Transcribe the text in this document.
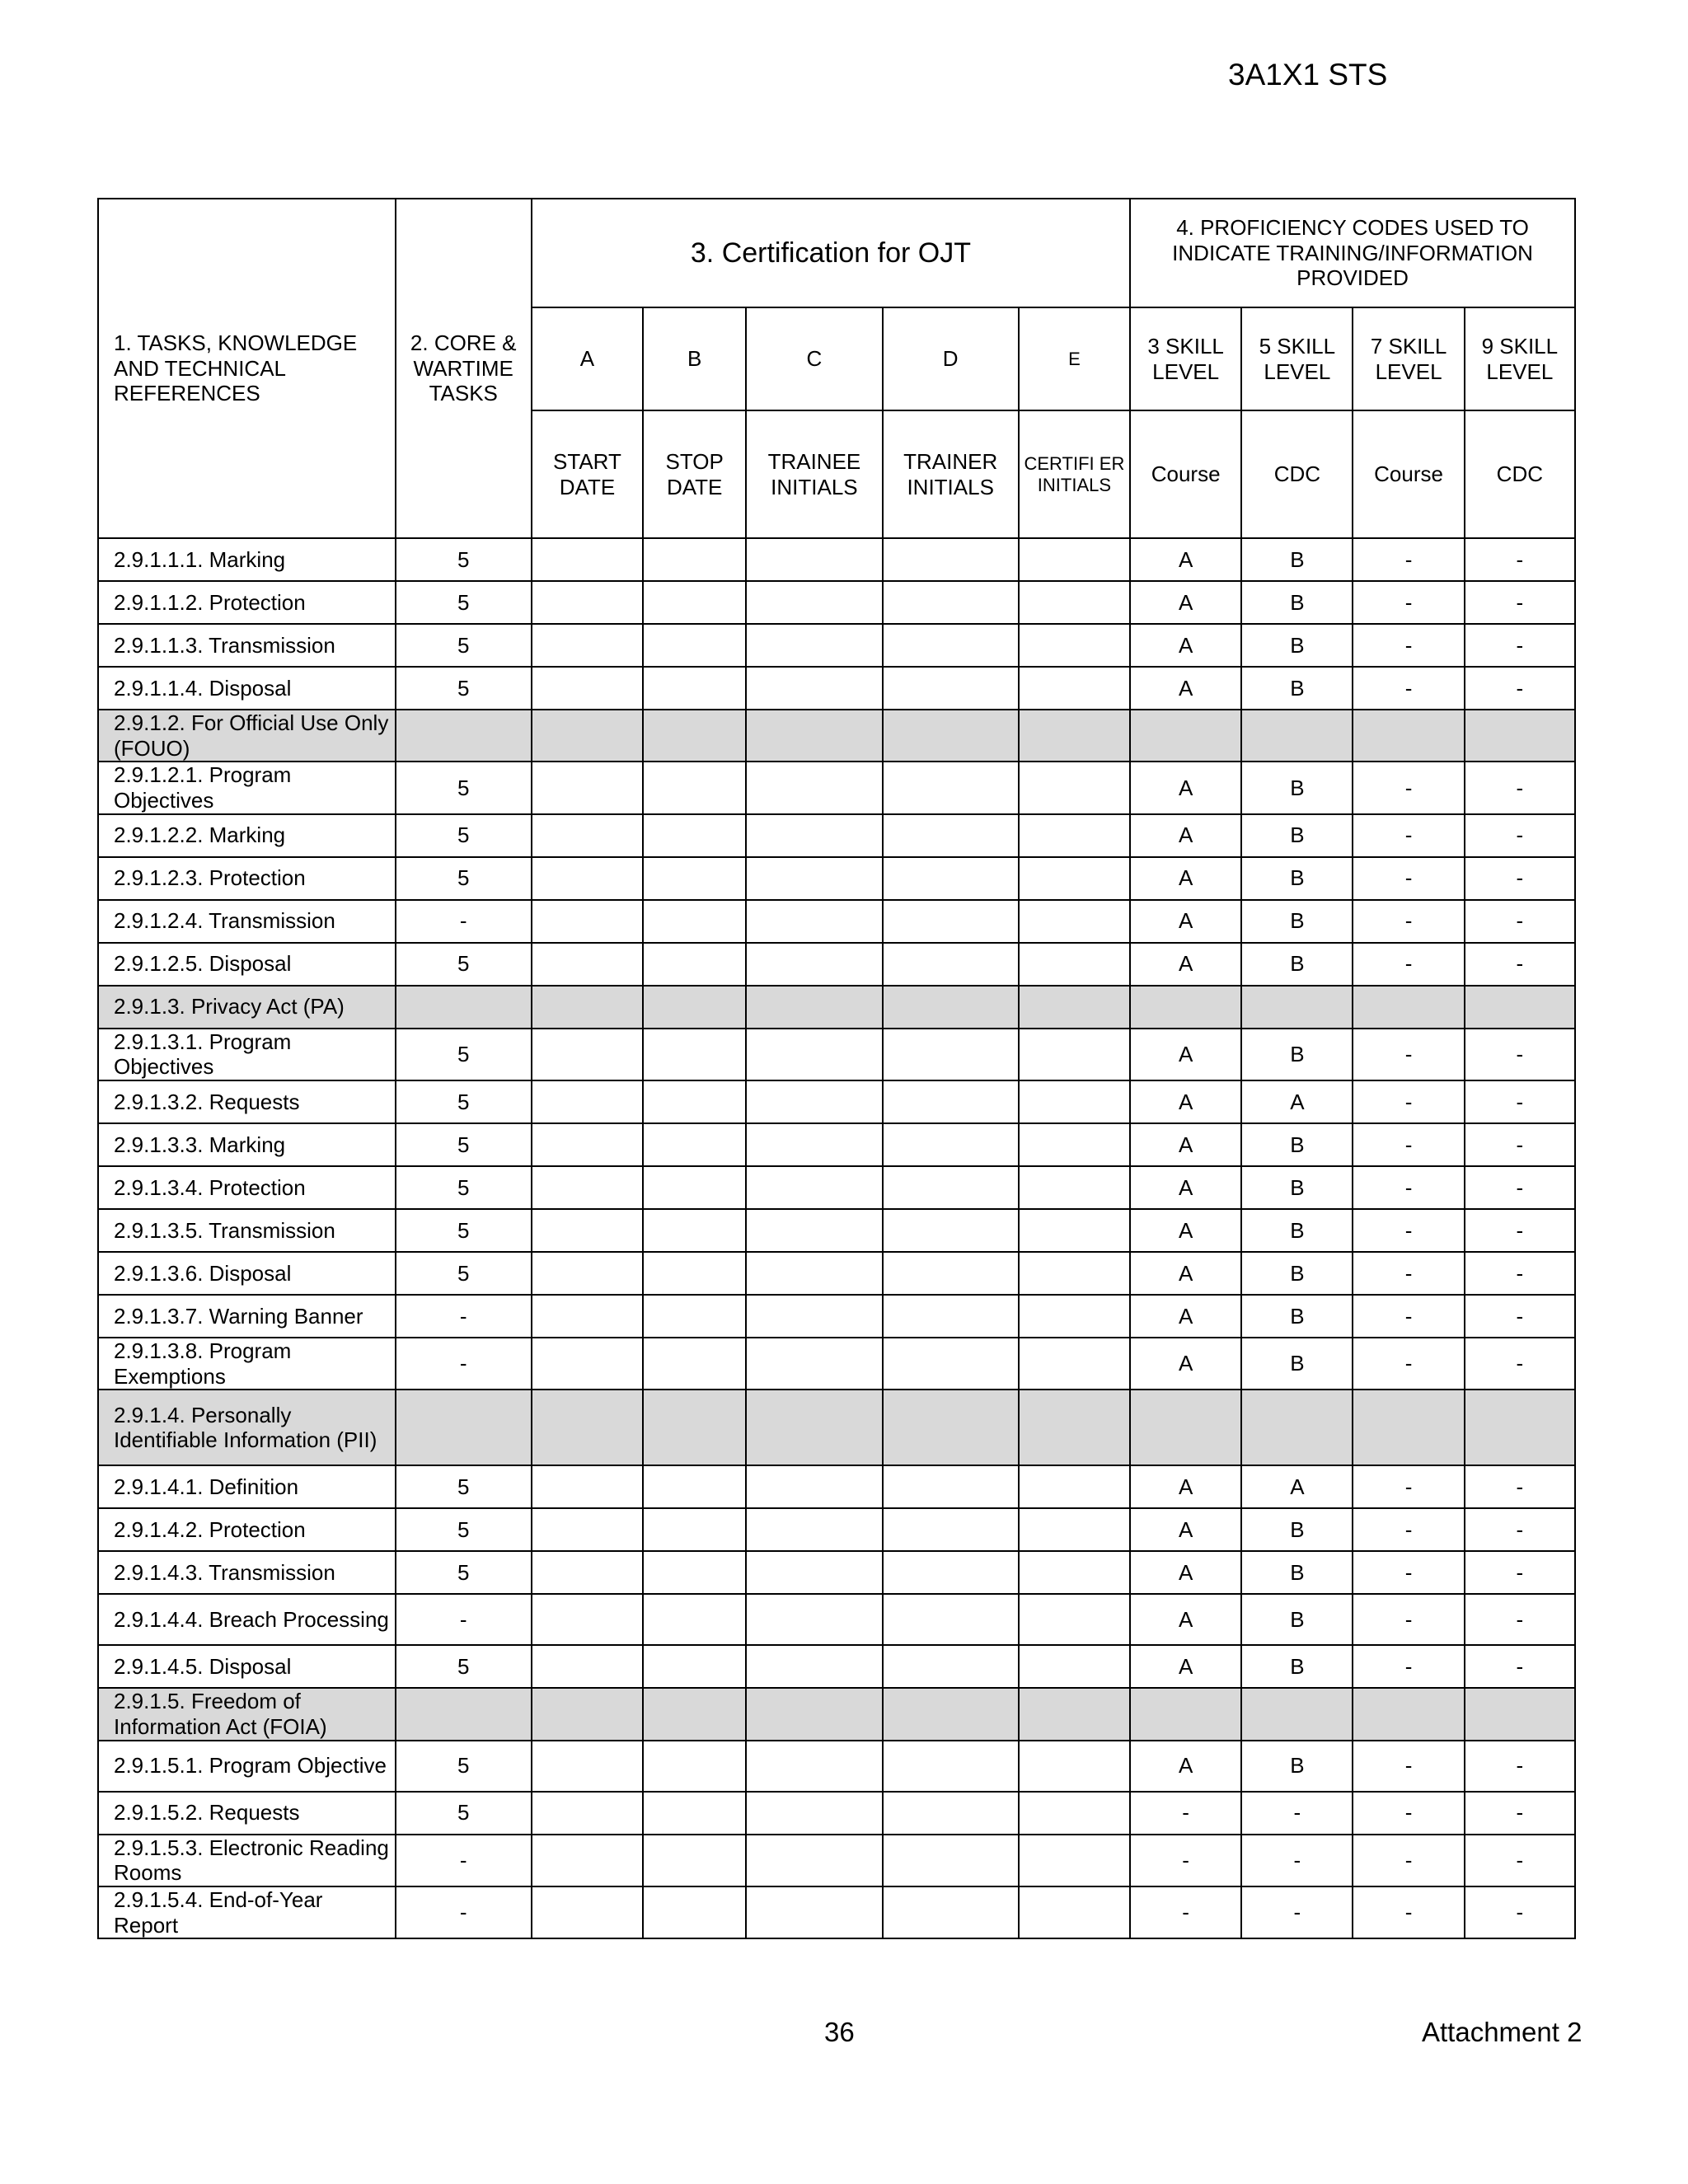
3A1X1 STS
1. TASKS, KNOWLEDGE AND TECHNICAL REFERENCES	2. CORE & WARTIME TASKS	3. Certification for OJT					4. PROFICIENCY CODES USED TO INDICATE TRAINING/INFORMATION PROVIDED			
		A	B	C	D	E	3 SKILL LEVEL	5 SKILL LEVEL	7 SKILL LEVEL	9 SKILL LEVEL
		START DATE	STOP DATE	TRAINEE INITIALS	TRAINER INITIALS	CERTIFI ER INITIALS	Course	CDC	Course	CDC
2.9.1.1.1. Marking	5						A	B	-	-
2.9.1.1.2. Protection	5						A	B	-	-
2.9.1.1.3. Transmission	5						A	B	-	-
2.9.1.1.4. Disposal	5						A	B	-	-
2.9.1.2. For Official Use Only (FOUO)										
2.9.1.2.1. Program Objectives	5						A	B	-	-
2.9.1.2.2. Marking	5						A	B	-	-
2.9.1.2.3. Protection	5						A	B	-	-
2.9.1.2.4. Transmission	-						A	B	-	-
2.9.1.2.5. Disposal	5						A	B	-	-
2.9.1.3. Privacy Act (PA)										
2.9.1.3.1. Program Objectives	5						A	B	-	-
2.9.1.3.2. Requests	5						A	A	-	-
2.9.1.3.3. Marking	5						A	B	-	-
2.9.1.3.4. Protection	5						A	B	-	-
2.9.1.3.5. Transmission	5						A	B	-	-
2.9.1.3.6. Disposal	5						A	B	-	-
2.9.1.3.7. Warning Banner	-						A	B	-	-
2.9.1.3.8. Program Exemptions	-						A	B	-	-
2.9.1.4. Personally Identifiable Information (PII)										
2.9.1.4.1. Definition	5						A	A	-	-
2.9.1.4.2. Protection	5						A	B	-	-
2.9.1.4.3. Transmission	5						A	B	-	-
2.9.1.4.4. Breach Processing	-						A	B	-	-
2.9.1.4.5. Disposal	5						A	B	-	-
2.9.1.5. Freedom of Information Act (FOIA)										
2.9.1.5.1. Program Objective	5						A	B	-	-
2.9.1.5.2. Requests	5						-	-	-	-
2.9.1.5.3. Electronic Reading Rooms	-						-	-	-	-
2.9.1.5.4. End-of-Year Report	-						-	-	-	-
36	Attachment 2
